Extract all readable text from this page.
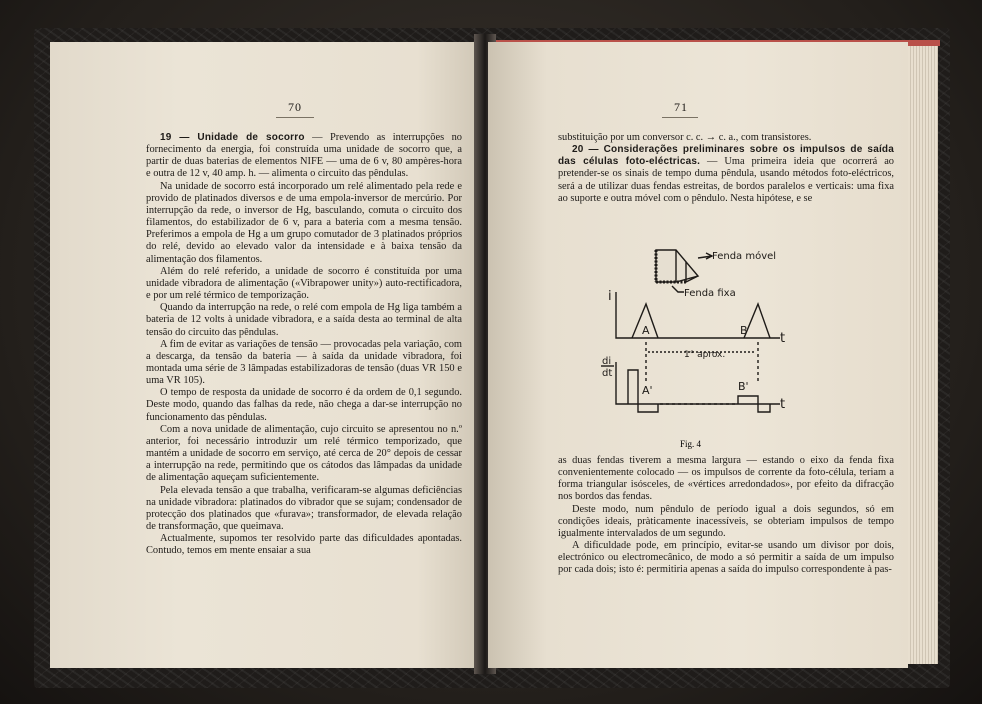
70

19 — Unidade de socorro — Prevendo as interrupções no fornecimento da energia, foi construída uma unidade de socorro que, a partir de duas baterias de elementos NIFE — uma de 6 v, 80 ampères-hora e outra de 12 v, 40 amp. h. — alimenta o circuito das pêndulas.

Na unidade de socorro está incorporado um relé alimentado pela rede e provido de platinados diversos e de uma empola-inversor de mercúrio. Por interrupção da rede, o inversor de Hg, basculando, comuta o circuito dos filamentos, do estabilizador de 6 v, para a bateria com a mesma tensão. Preferimos a empola de Hg a um grupo comutador de 3 platinados próprios do relé, devido ao elevado valor da intensidade e à baixa tensão da alimentação dos filamentos.

Além do relé referido, a unidade de socorro é constituída por uma unidade vibradora de alimentação («Vibrapower unity») auto-rectificadora, e por um relé térmico de temporização.

Quando da interrupção na rede, o relé com empola de Hg liga também a bateria de 12 volts à unidade vibradora, e a saída desta ao terminal de alta tensão do circuito das pêndulas.

A fim de evitar as variações de tensão — provocadas pela variação, com a descarga, da tensão da bateria — à saída da unidade vibradora, foi montada uma série de 3 lâmpadas estabilizadoras de tensão (duas VR 150 e uma VR 105).

O tempo de resposta da unidade de socorro é da ordem de 0,1 segundo. Deste modo, quando das falhas da rede, não chega a dar-se interrupção no funcionamento das pêndulas.

Com a nova unidade de alimentação, cujo circuito se apresentou no n.º anterior, foi necessário introduzir um relé térmico temporizado, que mantém a unidade de socorro em serviço, até cerca de 20° depois de cessar a interrupção na rede, permitindo que os cátodos das lâmpadas da unidade de alimentação aqueçam suficientemente.

Pela elevada tensão a que trabalha, verificaram-se algumas deficiências na unidade vibradora: platinados do vibrador que se sujam; condensador de protecção dos platinados que «furava»; transformador, de elevada relação de transformação, que queimava.

Actualmente, supomos ter resolvido parte das dificuldades apontadas. Contudo, temos em mente ensaiar a sua

71

substituição por um conversor c. c. → c. a., com transistores.

20 — Considerações preliminares sobre os impulsos de saída das células foto-eléctricas. — Uma primeira ideia que ocorrerá ao pretender-se os sinais de tempo duma pêndula, usando métodos foto-eléctricos, será a de utilizar duas fendas estreitas, de bordos paralelos e verticais: uma fixa ao suporte e outra móvel com o pêndulo. Nesta hipótese, e se

as duas fendas tiverem a mesma largura — estando o eixo da fenda fixa convenientemente colocado — os impulsos de corrente da foto-célula, teriam a forma triangular isósceles, de «vértices arredondados», por efeito da difracção nos bordos das fendas.

Deste modo, num pêndulo de período igual a dois segundos, só em condições ideais, pràticamente inacessíveis, se obteriam impulsos de tempo igualmente intervalados de um segundo.

A dificuldade pode, em princípio, evitar-se usando um divisor por dois, electrónico ou electromecânico, de modo a só permitir a saída de um impulso por cada dois; isto é: permitiria apenas a saída do impulso correspondente à pas-

Fenda móvel
Fenda fixa
i
A	B
t
1° aprox.
di
dt
A'	B'
t
Fig. 4
